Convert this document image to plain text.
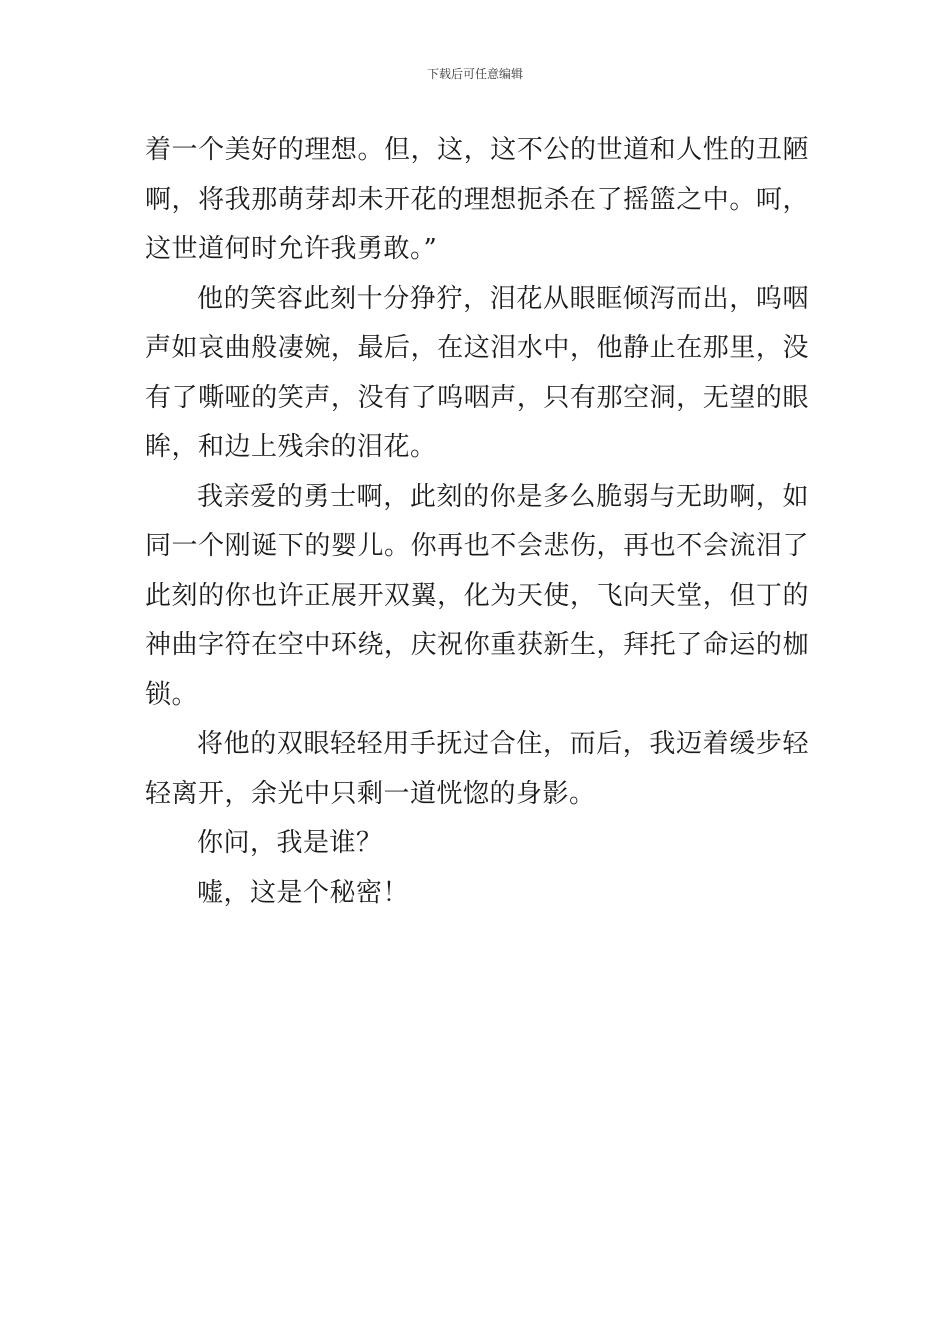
下载后可任意编辑
着一个美好的理想。但，这，这不公的世道和人性的丑陋
啊，将我那萌芽却未开花的理想扼杀在了摇篮之中。呵，
这世道何时允许我勇敢。”
他的笑容此刻十分狰狞，泪花从眼眶倾泻而出，呜咽
声如哀曲般凄婉，最后，在这泪水中，他静止在那里，没
有了嘶哑的笑声，没有了呜咽声，只有那空洞，无望的眼
眸，和边上残余的泪花。
我亲爱的勇士啊，此刻的你是多么脆弱与无助啊，如
同一个刚诞下的婴儿。你再也不会悲伤，再也不会流泪了
此刻的你也许正展开双翼，化为天使，飞向天堂，但丁的
神曲字符在空中环绕，庆祝你重获新生，拜托了命运的枷
锁。
将他的双眼轻轻用手抚过合住，而后，我迈着缓步轻
轻离开，余光中只剩一道恍惚的身影。
你问，我是谁？
嘘，这是个秘密！
